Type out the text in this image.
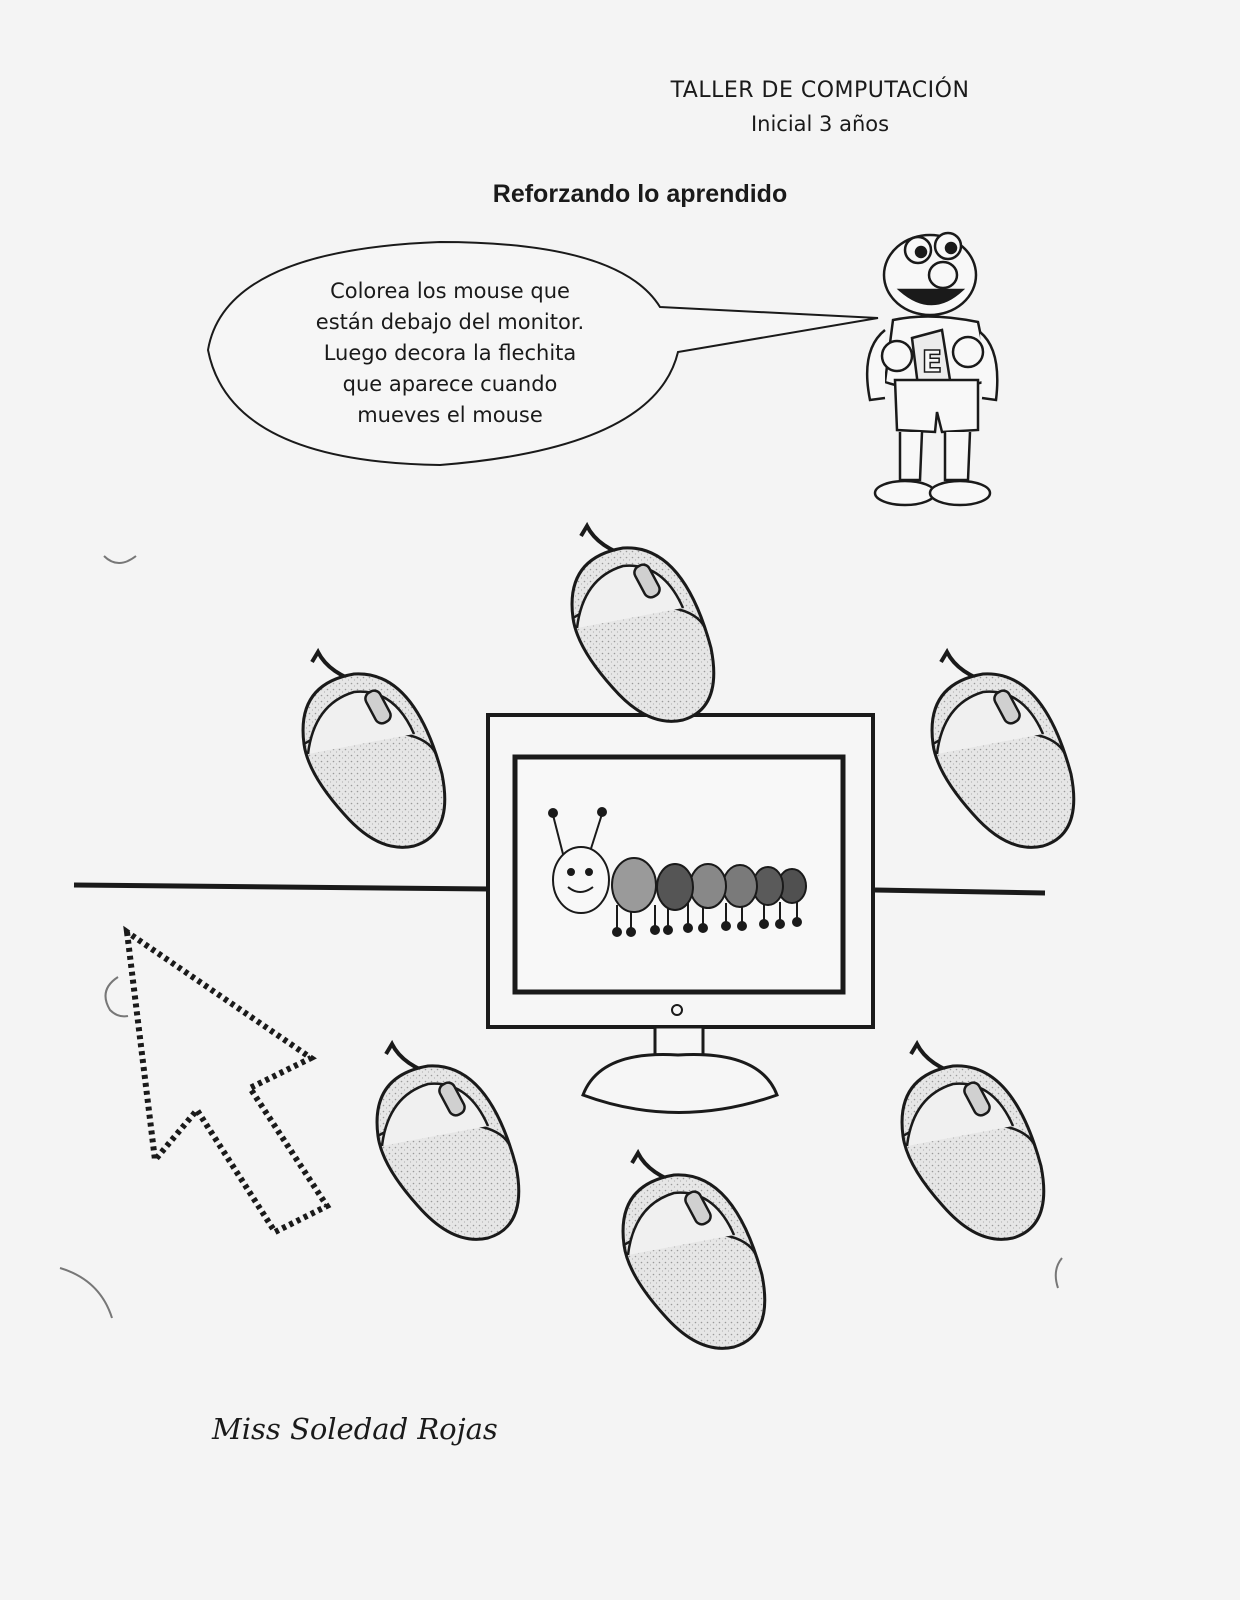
TALLER DE COMPUTACIÓN
Inicial 3 años
Reforzando lo aprendido
E
Colorea los mouse que
están debajo del monitor.
Luego decora la flechita
que aparece cuando
mueves el mouse
Miss Soledad Rojas
